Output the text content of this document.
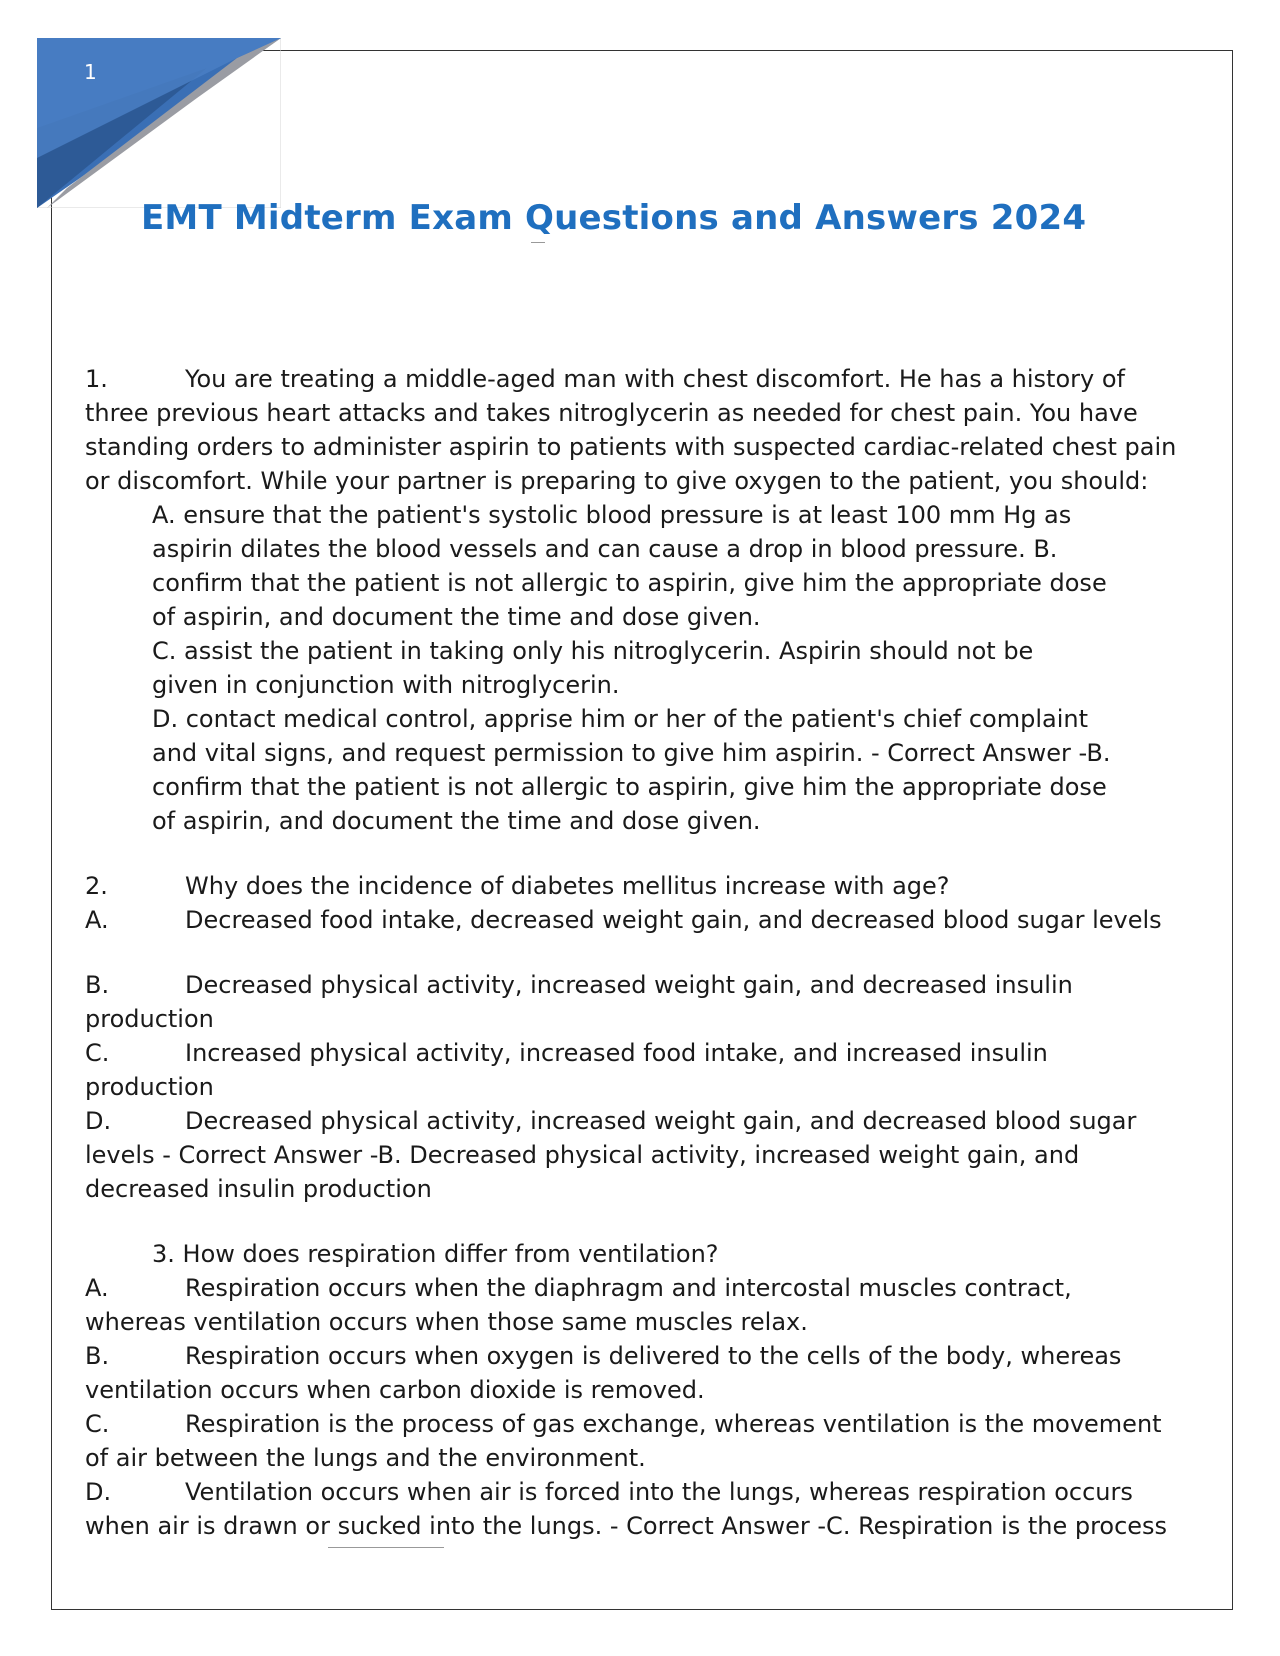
1
EMT Midterm Exam Questions and Answers 2024

1.	You are treating a middle-aged man with chest discomfort. He has a history of

three previous heart attacks and takes nitroglycerin as needed for chest pain. You have

standing orders to administer aspirin to patients with suspected cardiac-related chest pain

or discomfort. While your partner is preparing to give oxygen to the patient, you should:

A. ensure that the patient's systolic blood pressure is at least 100 mm Hg as

aspirin dilates the blood vessels and can cause a drop in blood pressure. B.

confirm that the patient is not allergic to aspirin, give him the appropriate dose

of aspirin, and document the time and dose given.

C. assist the patient in taking only his nitroglycerin. Aspirin should not be

given in conjunction with nitroglycerin.

D. contact medical control, apprise him or her of the patient's chief complaint

and vital signs, and request permission to give him aspirin. - Correct Answer -B.

confirm that the patient is not allergic to aspirin, give him the appropriate dose

of aspirin, and document the time and dose given.

2.	Why does the incidence of diabetes mellitus increase with age?

A.	Decreased food intake, decreased weight gain, and decreased blood sugar levels

B.	Decreased physical activity, increased weight gain, and decreased insulin

production

C.	Increased physical activity, increased food intake, and increased insulin

production

D.	Decreased physical activity, increased weight gain, and decreased blood sugar

levels - Correct Answer -B. Decreased physical activity, increased weight gain, and

decreased insulin production

3. How does respiration differ from ventilation?

A.	Respiration occurs when the diaphragm and intercostal muscles contract,

whereas ventilation occurs when those same muscles relax.

B.	Respiration occurs when oxygen is delivered to the cells of the body, whereas

ventilation occurs when carbon dioxide is removed.

C.	Respiration is the process of gas exchange, whereas ventilation is the movement

of air between the lungs and the environment.

D.	Ventilation occurs when air is forced into the lungs, whereas respiration occurs

when air is drawn or sucked into the lungs. - Correct Answer -C. Respiration is the process
